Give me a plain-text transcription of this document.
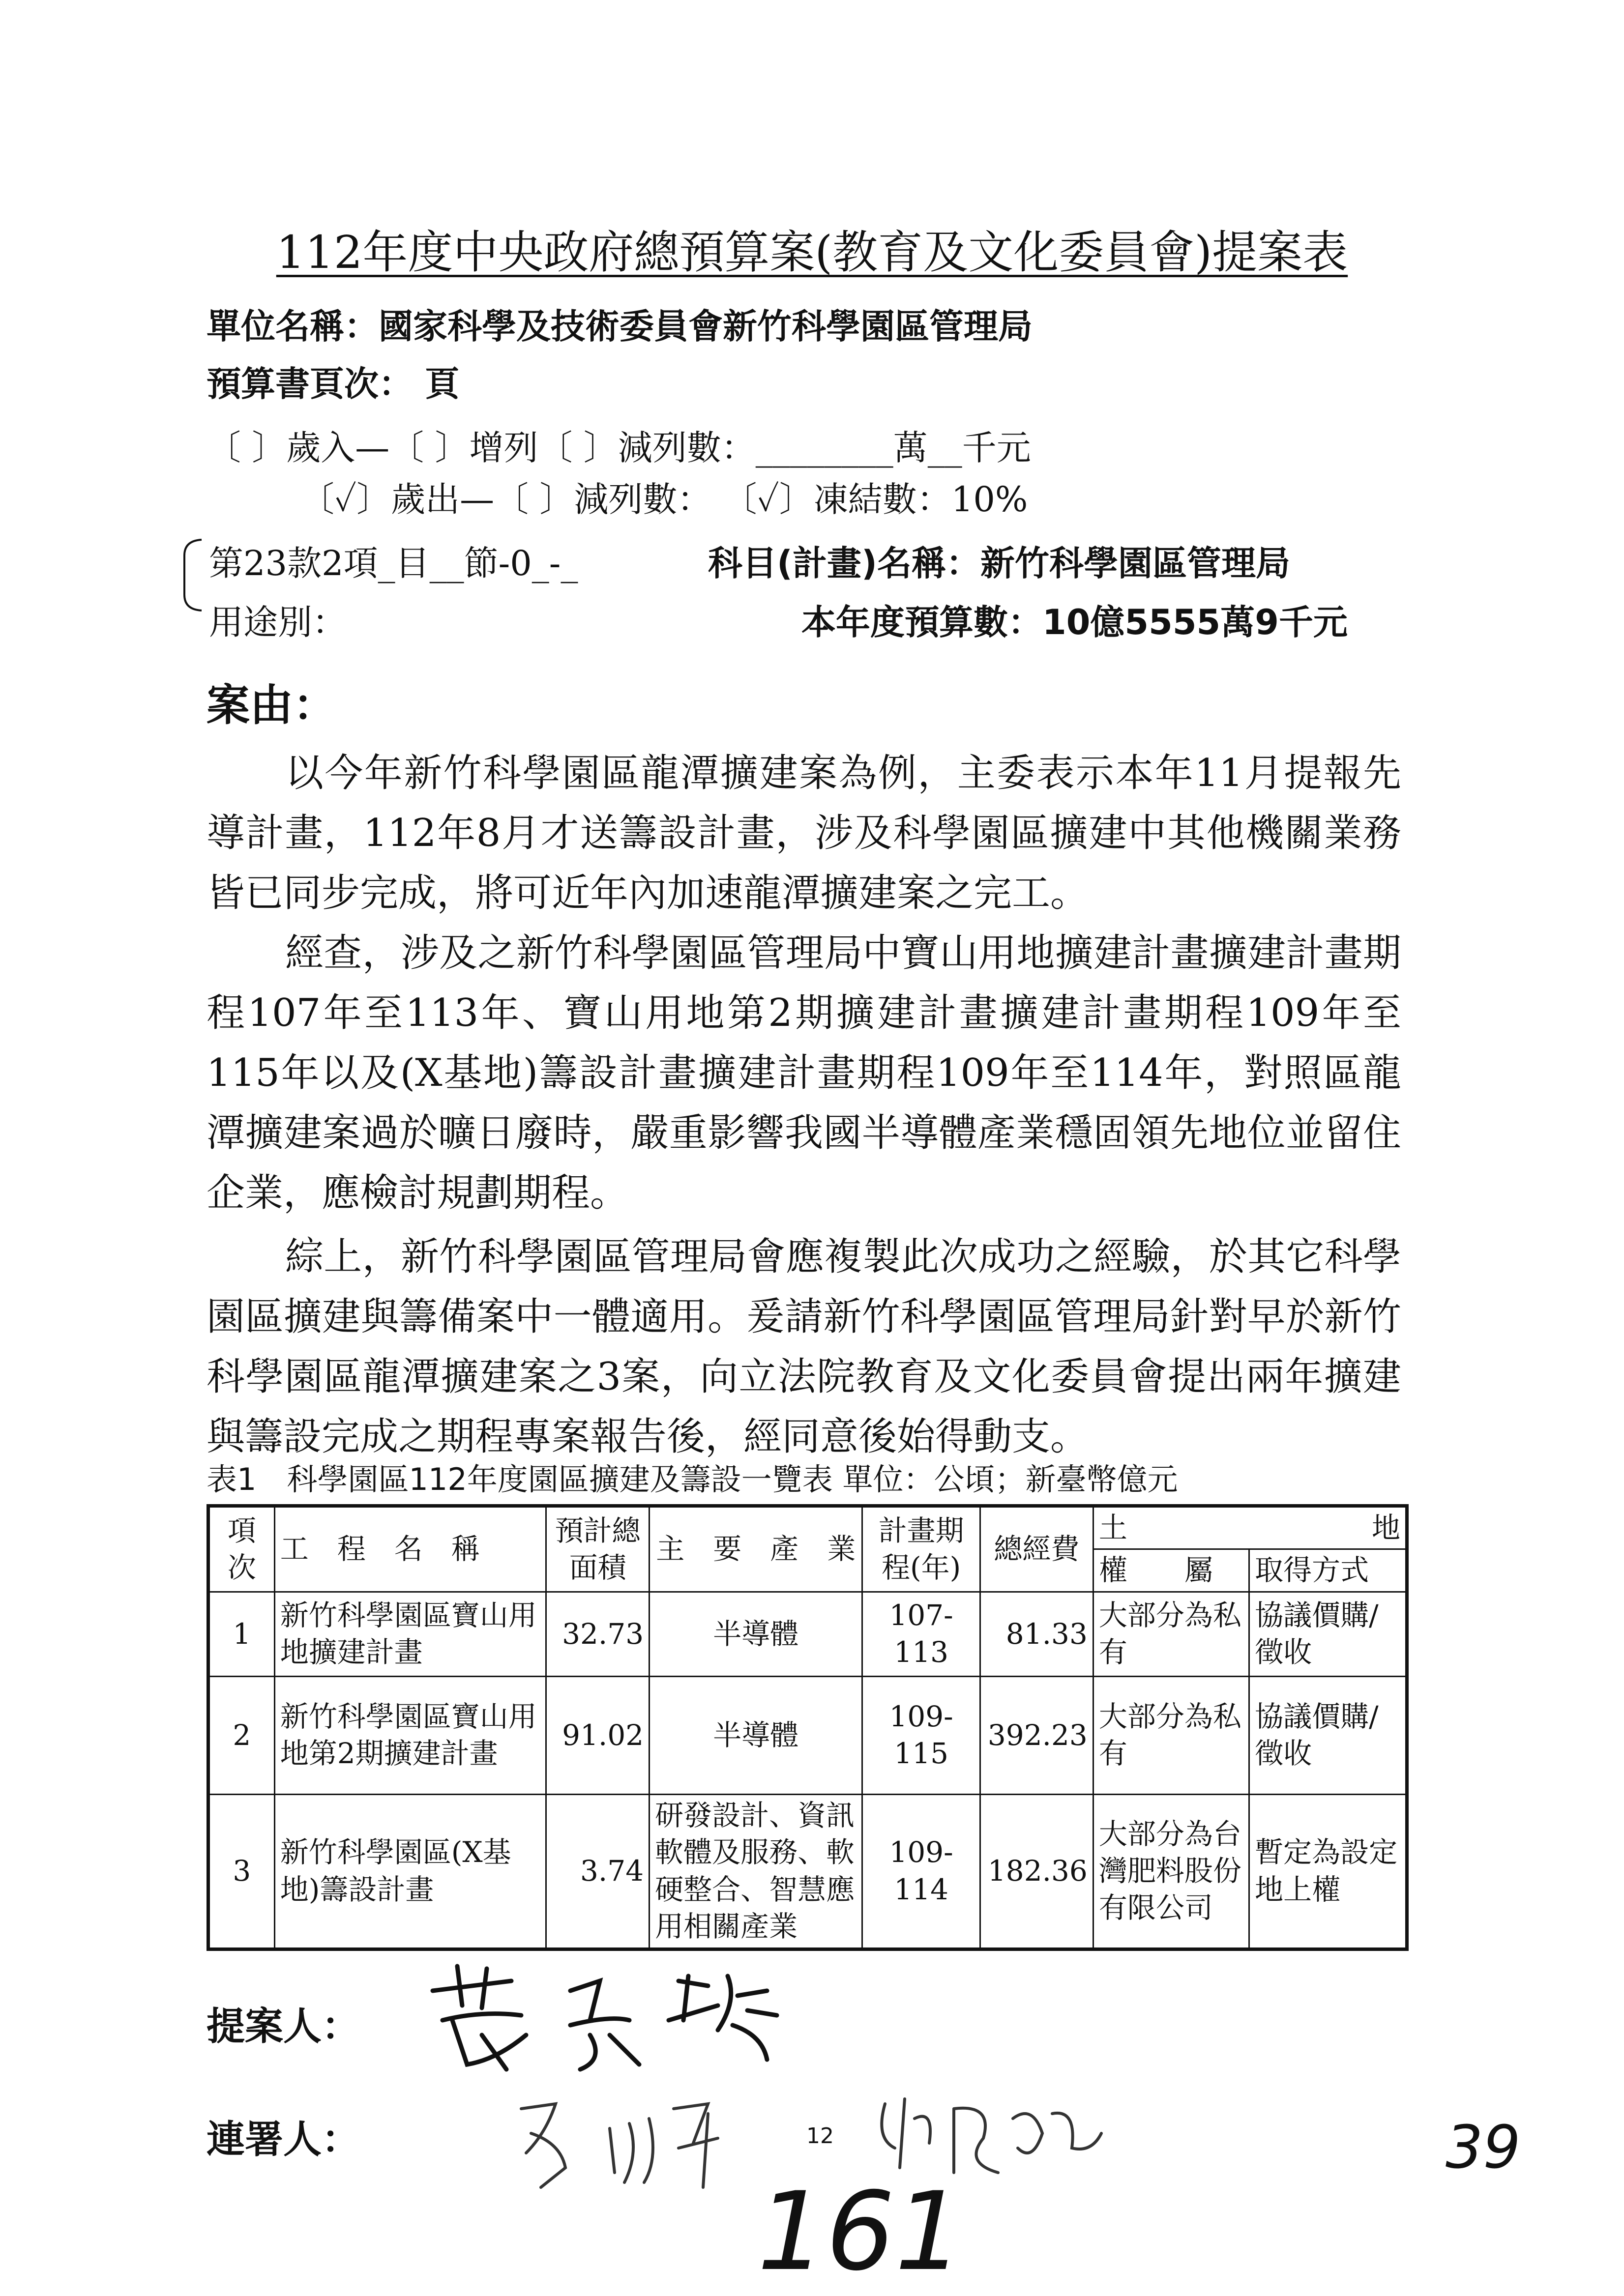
112年度中央政府總預算案(教育及文化委員會)提案表
單位名稱：國家科學及技術委員會新竹科學園區管理局
預算書頁次： 頁
〔 〕歲入—〔 〕增列〔 〕減列數：________萬__千元
〔✓〕歲出—〔 〕減列數： 〔✓〕凍結數：10%
第23款2項_目__節-0_-_	科目(計畫)名稱：新竹科學園區管理局
用途別：	本年度預算數：10億5555萬9千元
案由：
以今年新竹科學園區龍潭擴建案為例，主委表示本年11月提報先
導計畫，112年8月才送籌設計畫，涉及科學園區擴建中其他機關業務
皆已同步完成，將可近年內加速龍潭擴建案之完工。
經查，涉及之新竹科學園區管理局中寶山用地擴建計畫擴建計畫期
程107年至113年、寶山用地第2期擴建計畫擴建計畫期程109年至
115年以及(X基地)籌設計畫擴建計畫期程109年至114年，對照區龍
潭擴建案過於曠日廢時，嚴重影響我國半導體產業穩固領先地位並留住
企業，應檢討規劃期程。
綜上，新竹科學園區管理局會應複製此次成功之經驗，於其它科學
園區擴建與籌備案中一體適用。爰請新竹科學園區管理局針對早於新竹
科學園區龍潭擴建案之3案，向立法院教育及文化委員會提出兩年擴建
與籌設完成之期程專案報告後，經同意後始得動支。
表1　科學園區112年度園區擴建及籌設一覽表 單位：公頃；新臺幣億元
項次	工　程　名　稱	預計總面積	主　要　產　業	計畫期程(年)	總經費	土　　　　地	
						權　　屬	取得方式
1	新竹科學園區寶山用地擴建計畫	32.73	半導體	107-113	81.33	大部分為私有	協議價購/徵收
2	新竹科學園區寶山用地第2期擴建計畫	91.02	半導體	109-115	392.23	大部分為私有	協議價購/徵收
3	新竹科學園區(X基地)籌設計畫	3.74	研發設計、資訊軟體及服務、軟硬整合、智慧應用相關產業	109-114	182.36	大部分為台灣肥料股份有限公司	暫定為設定地上權
提案人：
連署人：	12
161
39
